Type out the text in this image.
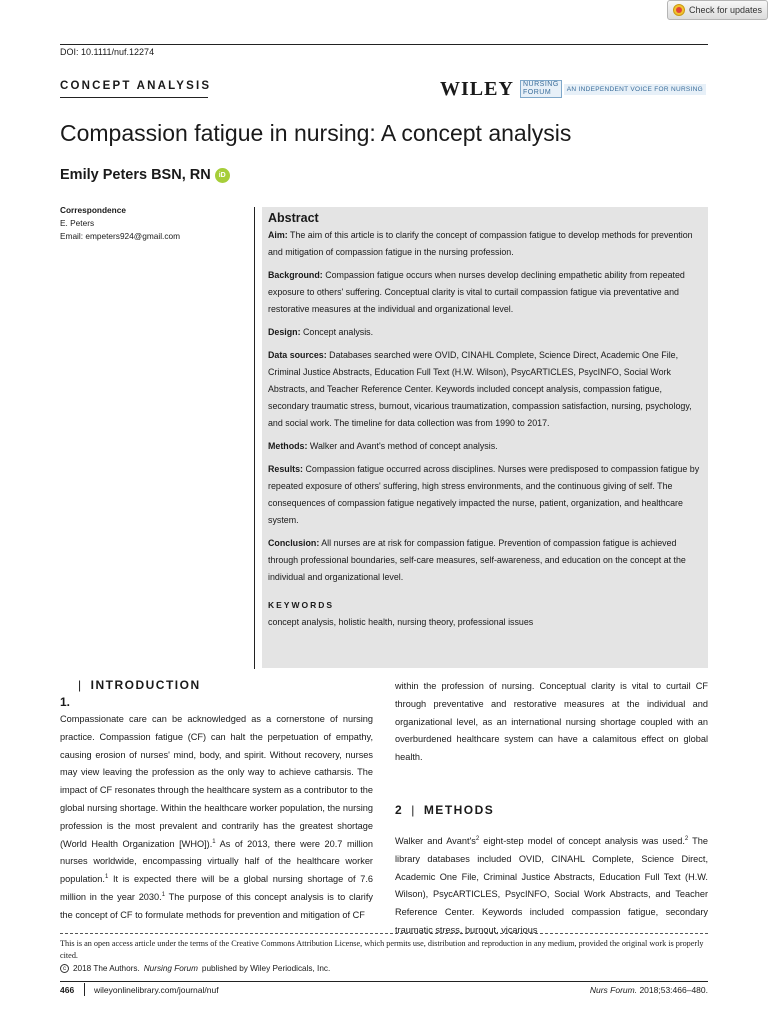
Check for updates
DOI: 10.1111/nuf.12274
CONCEPT ANALYSIS	WILEY NURSING
FORUM	AN INDEPENDENT VOICE FOR NURSING
Compassion fatigue in nursing: A concept analysis
Emily Peters BSN, RN	iD
Correspondence
E. Peters
Email: empeters924@gmail.com
Abstract

Aim: The aim of this article is to clarify the concept of compassion fatigue to develop methods for prevention and mitigation of compassion fatigue in the nursing profession.

Background: Compassion fatigue occurs when nurses develop declining empathetic ability from repeated exposure to others' suffering. Conceptual clarity is vital to curtail compassion fatigue via preventative and restorative measures at the individual and organizational level.

Design: Concept analysis.

Data sources: Databases searched were OVID, CINAHL Complete, Science Direct, Academic One File, Criminal Justice Abstracts, Education Full Text (H.W. Wilson), PsycARTICLES, PsycINFO, Social Work Abstracts, and Teacher Reference Center. Keywords included concept analysis, compassion fatigue, secondary traumatic stress, burnout, vicarious traumatization, compassion satisfaction, nursing, psychology, and social work. The timeline for data collection was from 1990 to 2017.

Methods: Walker and Avant's method of concept analysis.

Results: Compassion fatigue occurred across disciplines. Nurses were predisposed to compassion fatigue by repeated exposure of others' suffering, high stress environments, and the continuous giving of self. The consequences of compassion fatigue negatively impacted the nurse, patient, organization, and healthcare system.

Conclusion: All nurses are at risk for compassion fatigue. Prevention of compassion fatigue is achieved through professional boundaries, self-care measures, self-awareness, and education on the concept at the individual and organizational level.

KEYWORDS
concept analysis, holistic health, nursing theory, professional issues
| INTRODUCTION
1.

Compassionate care can be acknowledged as a cornerstone of nursing practice. Compassion fatigue (CF) can halt the perpetuation of empathy, causing erosion of nurses' mind, body, and spirit. Without recovery, nurses may view leaving the profession as the only way to achieve catharsis. The impact of CF resonates through the healthcare system as a contributor to the global nursing shortage. Within the healthcare worker population, the nursing profession is the most prevalent and contrarily has the greatest shortage (World Health Organization [WHO]).$^1$ As of 2013, there were 20.7 million nurses worldwide, encompassing virtually half of the healthcare worker population.$^1$ It is expected there will be a global nursing shortage of 7.6 million in the year 2030.$^1$ The purpose of this concept analysis is to clarify the concept of CF to formulate methods for prevention and mitigation of CF

within the profession of nursing. Conceptual clarity is vital to curtail CF through preventative and restorative measures at the individual and organizational level, as an international nursing shortage coupled with an overburdened healthcare system can have a calamitous effect on global health.

2 | METHODS

Walker and $Avant's^2$ eight-step model of concept analysis was used.$^2$ The library databases included OVID, CINAHL Complete, Science Direct, Academic One File, Criminal Justice Abstracts, Education Full Text (H.W. Wilson), PsycARTICLES, PsycINFO, Social Work Abstracts, and Teacher Reference Center. Keywords included compassion fatigue, secondary traumatic stress, burnout, vicarious

This is an open access article under the terms of the Creative Commons Attribution License, which permits use, distribution and reproduction in any medium, provided the original work is properly cited.
c 2018 The Authors. Nursing Forum published by Wiley Periodicals, Inc.
466 wileyonlinelibrary.com/journal/nuf	Nurs Forum. 2018;53:466–480.
